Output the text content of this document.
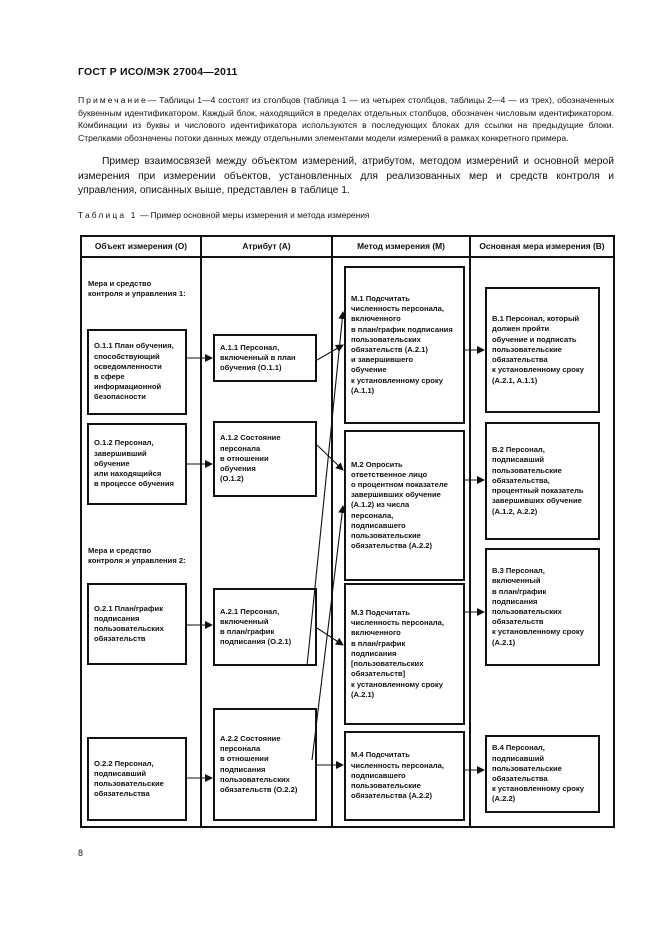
ГОСТ Р ИСО/МЭК 27004—2011
Примечание— Таблицы 1—4 состоят из столбцов (таблица 1 — из четырех столбцов, таблицы 2—4 — из трех), обозначенных буквенным идентификатором. Каждый блок, находящийся в пределах отдельных столбцов, обозначен числовым идентификатором. Комбинации из буквы и числового идентификатора используются в последующих блоках для ссылки на предыдущие блоки. Стрелками обозначены потоки данных между отдельными элементами модели измерений в рамках конкретного примера.
Пример взаимосвязей между объектом измерений, атрибутом, методом измерений и основной мерой измерения при измерении объектов, установленных для реализованных мер и средств контроля и управления, описанных выше, представлен в таблице 1.
Таблица 1 — Пример основной меры измерения и метода измерения
Объект измерения (O)	Атрибут (A)	Метод измерения (M)	Основная мера измерения (B)
Мера и средство
контроля и управления 1:
Мера и средство
контроля и управления 2:
O.1.1 План обучения,
способствующий
осведомленности
в сфере
информационной
безопасности
O.1.2 Персонал,
завершивший
обучение
или находящийся
в процессе обучения
O.2.1 План/график
подписания
пользовательских
обязательств
O.2.2 Персонал,
подписавший
пользовательские
обязательства
A.1.1 Персонал,
включенный в план
обучения (O.1.1)
A.1.2 Состояние
персонала
в отношении
обучения
(O.1.2)
A.2.1 Персонал,
включенный
в план/график
подписания (O.2.1)
A.2.2 Состояние
персонала
в отношении
подписания
пользовательских
обязательств (O.2.2)
M.1 Подсчитать
численность персонала,
включенного
в план/график подписания
пользовательских
обязательств (A.2.1)
и завершившего
обучение
к установленному сроку
(A.1.1)
M.2 Опросить
ответственное лицо
о процентном показателе
завершивших обучение
(A.1.2) из числа
персонала,
подписавшего
пользовательские
обязательства (A.2.2)
M.3 Подсчитать
численность персонала,
включенного
в план/график
подписания
[пользовательских
обязательств]
к установленному сроку
(A.2.1)
M.4 Подсчитать
численность персонала,
подписавшего
пользовательские
обязательства (A.2.2)
B.1 Персонал, который
должен пройти
обучение и подписать
пользовательские
обязательства
к установленному сроку
(A.2.1, A.1.1)
B.2 Персонал,
подписавший
пользовательские
обязательства,
процентный показатель
завершивших обучение
(A.1.2, A.2.2)
B.3 Персонал,
включенный
в план/график
подписания
пользовательских
обязательств
к установленному сроку
(A.2.1)
B.4 Персонал,
подписавший
пользовательские
обязательства
к установленному сроку
(A.2.2)
8
